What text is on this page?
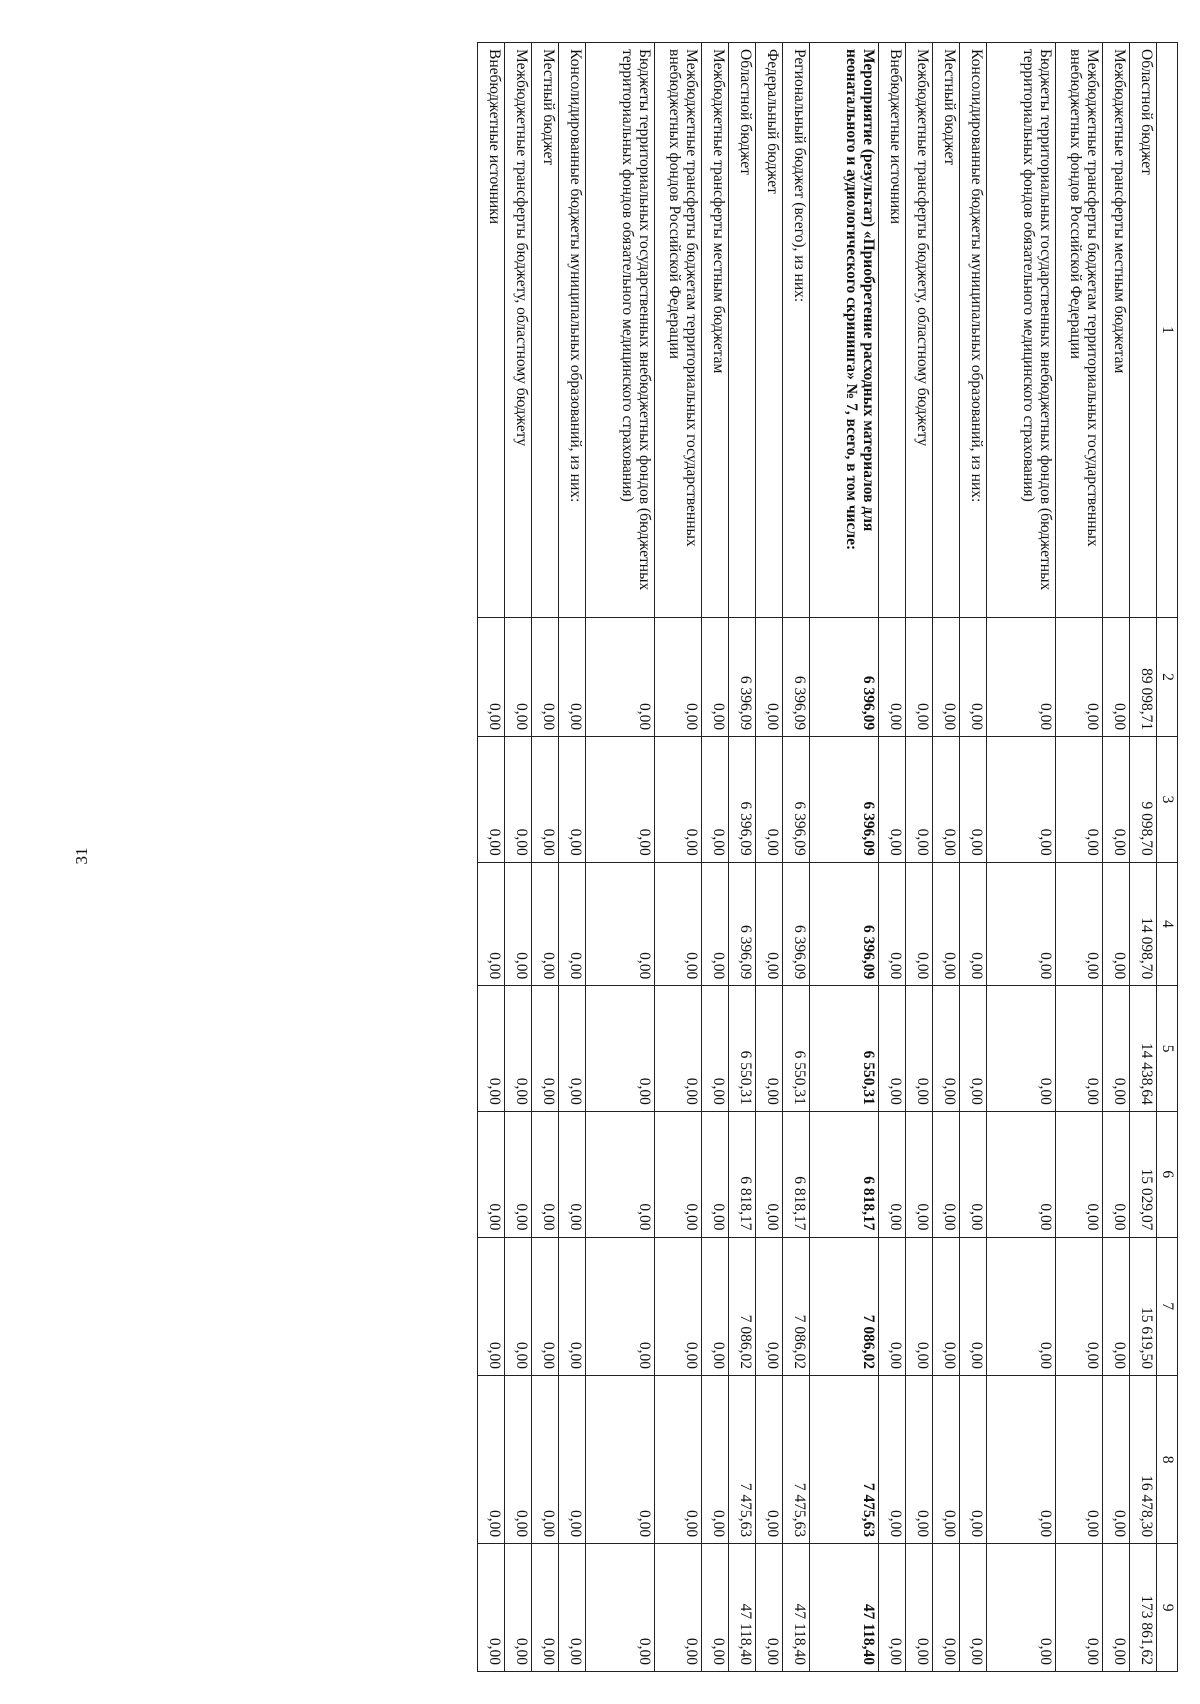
31
1	2	3	4	5	6	7	8	9
Областной бюджет	89 098,71	9 098,70	14 098,70	14 438,64	15 029,07	15 619,50	16 478,30	173 861,62
Межбюджетные трансферты местным бюджетам	0,00	0,00	0,00	0,00	0,00	0,00	0,00	0,00
Межбюджетные трансферты бюджетам территориальных государственных внебюджетных фондов Российской Федерации	0,00	0,00	0,00	0,00	0,00	0,00	0,00	0,00
Бюджеты территориальных государственных внебюджетных фондов (бюджетных территориальных фондов обязательного медицинского страхования)	0,00	0,00	0,00	0,00	0,00	0,00	0,00	0,00
Консолидированные бюджеты муниципальных образований, из них:	0,00	0,00	0,00	0,00	0,00	0,00	0,00	0,00
Местный бюджет	0,00	0,00	0,00	0,00	0,00	0,00	0,00	0,00
Межбюджетные трансферты бюджету, областному бюджету	0,00	0,00	0,00	0,00	0,00	0,00	0,00	0,00
Внебюджетные источники	0,00	0,00	0,00	0,00	0,00	0,00	0,00	0,00
Мероприятие (результат) «Приобретение расходных материалов для неонатального и аудиологического скрининга» № 7, всего, в том числе:	6 396,09	6 396,09	6 396,09	6 550,31	6 818,17	7 086,02	7 475,63	47 118,40
Региональный бюджет (всего), из них:	6 396,09	6 396,09	6 396,09	6 550,31	6 818,17	7 086,02	7 475,63	47 118,40
Федеральный бюджет	0,00	0,00	0,00	0,00	0,00	0,00	0,00	0,00
Областной бюджет	6 396,09	6 396,09	6 396,09	6 550,31	6 818,17	7 086,02	7 475,63	47 118,40
Межбюджетные трансферты местным бюджетам	0,00	0,00	0,00	0,00	0,00	0,00	0,00	0,00
Межбюджетные трансферты бюджетам территориальных государственных внебюджетных фондов Российской Федерации	0,00	0,00	0,00	0,00	0,00	0,00	0,00	0,00
Бюджеты территориальных государственных внебюджетных фондов (бюджетных территориальных фондов обязательного медицинского страхования)	0,00	0,00	0,00	0,00	0,00	0,00	0,00	0,00
Консолидированные бюджеты муниципальных образований, из них:	0,00	0,00	0,00	0,00	0,00	0,00	0,00	0,00
Местный бюджет	0,00	0,00	0,00	0,00	0,00	0,00	0,00	0,00
Межбюджетные трансферты бюджету, областному бюджету	0,00	0,00	0,00	0,00	0,00	0,00	0,00	0,00
Внебюджетные источники	0,00	0,00	0,00	0,00	0,00	0,00	0,00	0,00
